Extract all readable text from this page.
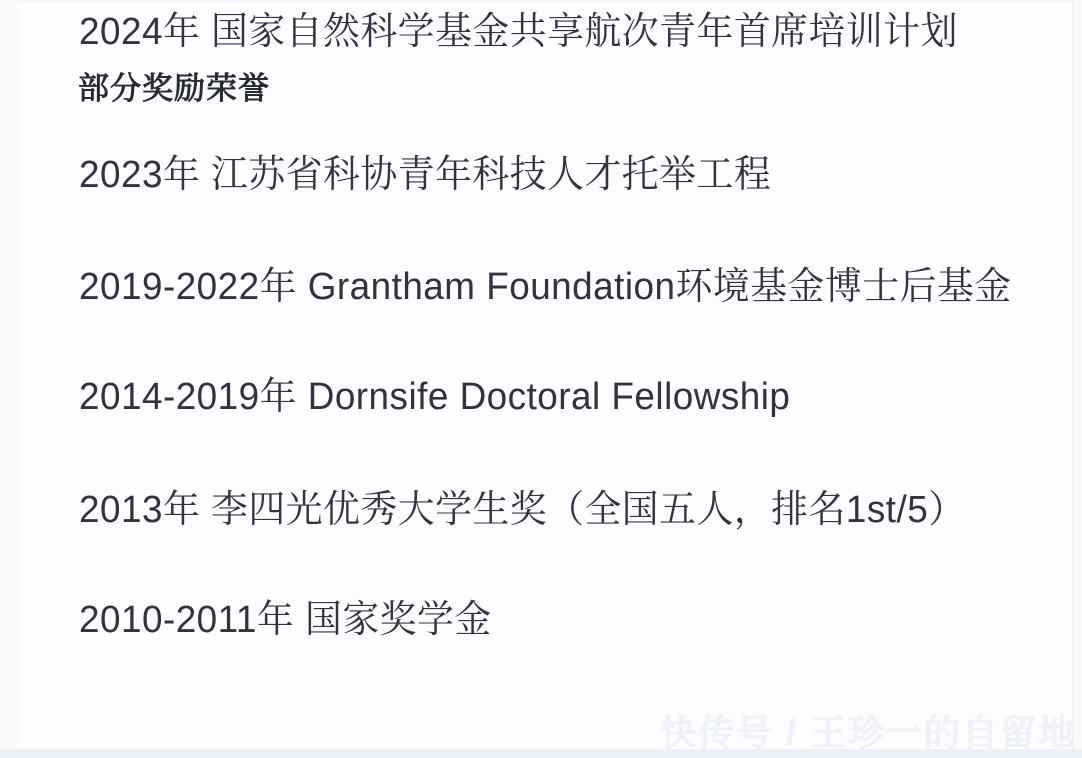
部分奖励荣誉
2024年 国家自然科学基金共享航次青年首席培训计划
2023年 江苏省科协青年科技人才托举工程
2019-2022年 Grantham Foundation环境基金博士后基金
2014-2019年 Dornsife Doctoral Fellowship
2013年 李四光优秀大学生奖（全国五人，排名1st/5）
2010-2011年 国家奖学金
快传号 / 王珍一的自留地
